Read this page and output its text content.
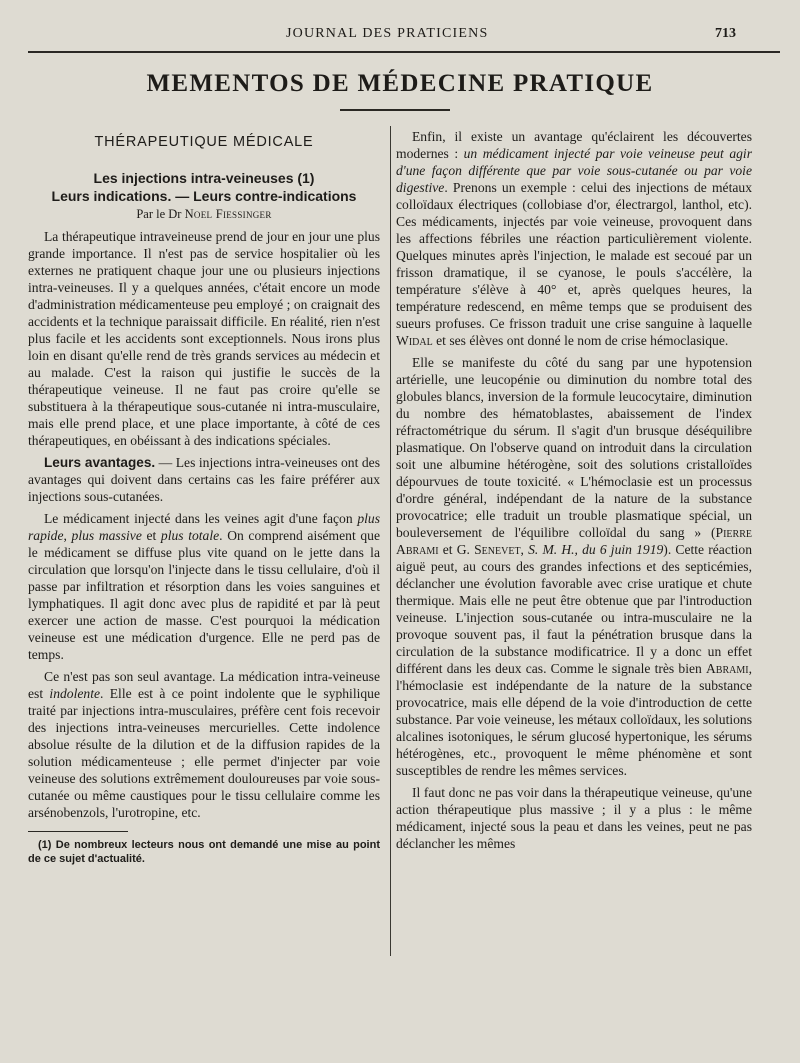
JOURNAL DES PRATICIENS	713
MEMENTOS DE MÉDECINE PRATIQUE
THÉRAPEUTIQUE MÉDICALE
Les injections intra-veineuses (1)
Leurs indications. — Leurs contre-indications
Par le Dr Noel Fiessinger

La thérapeutique intraveineuse prend de jour en jour une plus grande importance. Il n'est pas de service hospitalier où les externes ne pratiquent chaque jour une ou plusieurs injections intra-veineuses. Il y a quelques années, c'était encore un mode d'administration médicamenteuse peu employé ; on craignait des accidents et la technique paraissait difficile. En réalité, rien n'est plus facile et les accidents sont exceptionnels. Nous irons plus loin en disant qu'elle rend de très grands services au médecin et au malade. C'est la raison qui justifie le succès de la thérapeutique veineuse. Il ne faut pas croire qu'elle se substituera à la thérapeutique sous-cutanée ni intra-musculaire, mais elle prend place, et une place importante, à côté de ces thérapeutiques, en obéissant à des indications spéciales.

Leurs avantages. — Les injections intra-veineuses ont des avantages qui doivent dans certains cas les faire préférer aux injections sous-cutanées.

Le médicament injecté dans les veines agit d'une façon plus rapide, plus massive et plus totale. On comprend aisément que le médicament se diffuse plus vite quand on le jette dans la circulation que lorsqu'on l'injecte dans le tissu cellulaire, d'où il passe par infiltration et résorption dans les voies sanguines et lymphatiques. Il agit donc avec plus de rapidité et par là peut exercer une action de masse. C'est pourquoi la médication veineuse est une médication d'urgence. Elle ne perd pas de temps.

Ce n'est pas son seul avantage. La médication intra-veineuse est indolente. Elle est à ce point indolente que le syphilique traité par injections intra-musculaires, préfère cent fois recevoir des injections intra-veineuses mercurielles. Cette indolence absolue résulte de la dilution et de la diffusion rapides de la solution médicamenteuse ; elle permet d'injecter par voie veineuse des solutions extrêmement douloureuses par voie sous-cutanée ou même caustiques pour le tissu cellulaire comme les arsénobenzols, l'urotropine, etc.

(1) De nombreux lecteurs nous ont demandé une mise au point de ce sujet d'actualité.

Enfin, il existe un avantage qu'éclairent les découvertes modernes : un médicament injecté par voie veineuse peut agir d'une façon différente que par voie sous-cutanée ou par voie digestive. Prenons un exemple : celui des injections de métaux colloïdaux électriques (collobiase d'or, électrargol, lanthol, etc). Ces médicaments, injectés par voie veineuse, provoquent dans les affections fébriles une réaction particulièrement violente. Quelques minutes après l'injection, le malade est secoué par un frisson dramatique, il se cyanose, le pouls s'accélère, la température s'élève à 40° et, après quelques heures, la température redescend, en même temps que se produisent des sueurs profuses. Ce frisson traduit une crise sanguine à laquelle Widal et ses élèves ont donné le nom de crise hémoclasique.

Elle se manifeste du côté du sang par une hypotension artérielle, une leucopénie ou diminution du nombre total des globules blancs, inversion de la formule leucocytaire, diminution du nombre des hématoblastes, abaissement de l'index réfractométrique du sérum. Il s'agit d'un brusque déséquilibre plasmatique. On l'observe quand on introduit dans la circulation soit une albumine hétérogène, soit des solutions cristalloïdes dépourvues de toute toxicité. « L'hémoclasie est un processus d'ordre général, indépendant de la nature de la substance provocatrice; elle traduit un trouble plasmatique spécial, un bouleversement de l'équilibre colloïdal du sang » (Pierre Abrami et G. Senevet, S. M. H., du 6 juin 1919). Cette réaction aiguë peut, au cours des grandes infections et des septicémies, déclancher une évolution favorable avec crise uratique et chute thermique. Mais elle ne peut être obtenue que par l'introduction veineuse. L'injection sous-cutanée ou intra-musculaire ne la provoque souvent pas, il faut la pénétration brusque dans la circulation de la substance modificatrice. Il y a donc un effet différent dans les deux cas. Comme le signale très bien Abrami, l'hémoclasie est indépendante de la nature de la substance provocatrice, mais elle dépend de la voie d'introduction de cette substance. Par voie veineuse, les métaux colloïdaux, les solutions alcalines isotoniques, le sérum glucosé hypertonique, les sérums hétérogènes, etc., provoquent le même phénomène et sont susceptibles de rendre les mêmes services.

Il faut donc ne pas voir dans la thérapeutique veineuse, qu'une action thérapeutique plus massive ; il y a plus : le même médicament, injecté sous la peau et dans les veines, peut ne pas déclancher les mêmes
